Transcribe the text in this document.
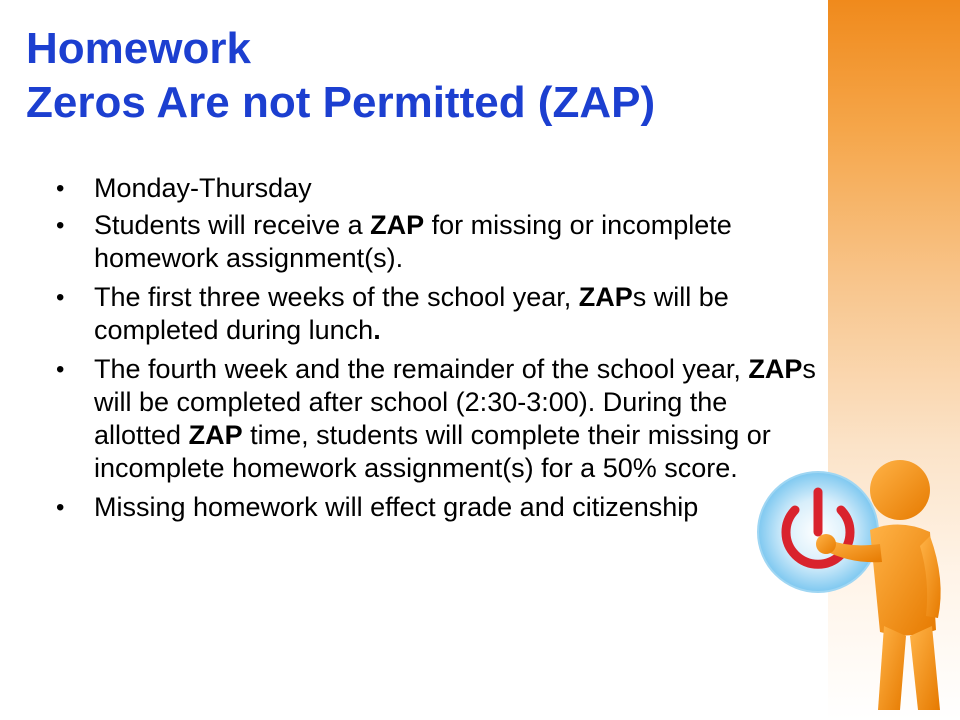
Homework
Zeros Are not Permitted (ZAP)
• Monday-Thursday
• Students will receive a ZAP for missing or incomplete homework assignment(s).
• The first three weeks of the school year, ZAPs will be completed during lunch.
• The fourth week and the remainder of the school year, ZAPs will be completed after school (2:30-3:00). During the allotted ZAP time, students will complete their missing or incomplete homework assignment(s) for a 50% score.
• Missing homework will effect grade and citizenship
